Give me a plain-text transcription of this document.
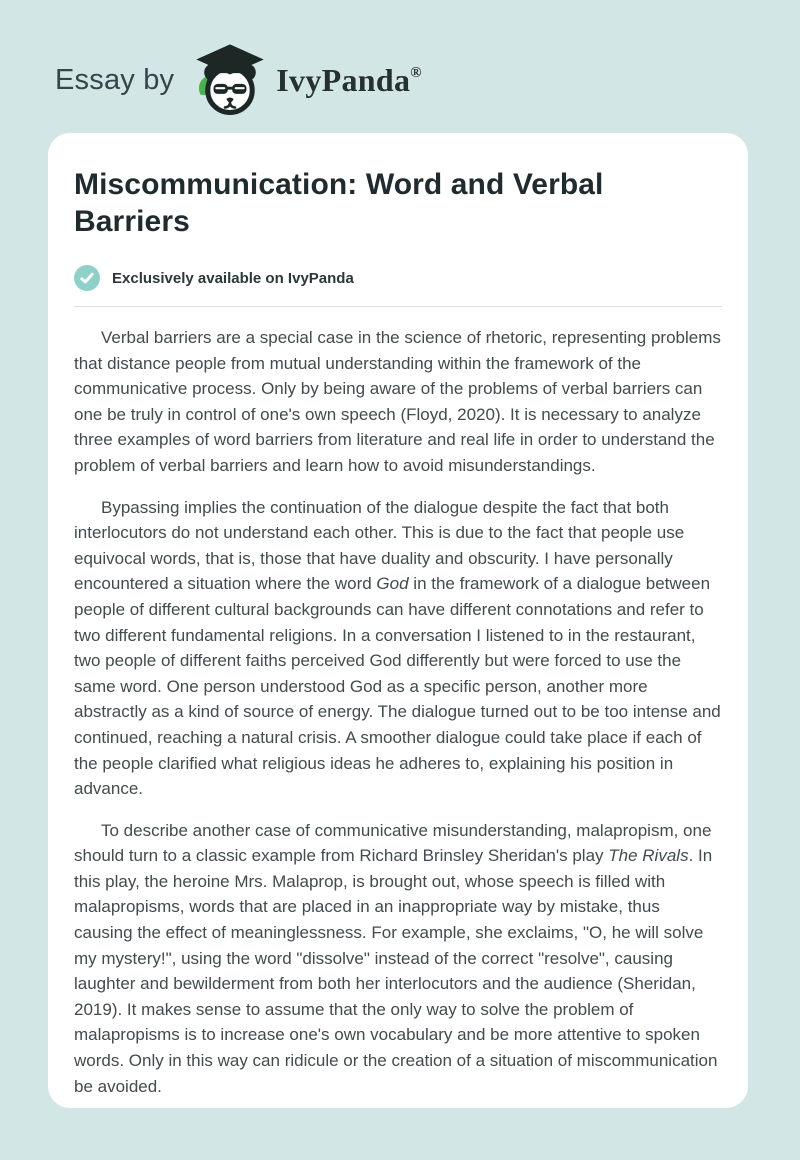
Essay by	IvyPanda®
Miscommunication: Word and Verbal Barriers
Exclusively available on IvyPanda

Verbal barriers are a special case in the science of rhetoric, representing problems that distance people from mutual understanding within the framework of the communicative process. Only by being aware of the problems of verbal barriers can one be truly in control of one's own speech (Floyd, 2020). It is necessary to analyze three examples of word barriers from literature and real life in order to understand the problem of verbal barriers and learn how to avoid misunderstandings.

Bypassing implies the continuation of the dialogue despite the fact that both interlocutors do not understand each other. This is due to the fact that people use equivocal words, that is, those that have duality and obscurity. I have personally encountered a situation where the word God in the framework of a dialogue between people of different cultural backgrounds can have different connotations and refer to two different fundamental religions. In a conversation I listened to in the restaurant, two people of different faiths perceived God differently but were forced to use the same word. One person understood God as a specific person, another more abstractly as a kind of source of energy. The dialogue turned out to be too intense and continued, reaching a natural crisis. A smoother dialogue could take place if each of the people clarified what religious ideas he adheres to, explaining his position in advance.

To describe another case of communicative misunderstanding, malapropism, one should turn to a classic example from Richard Brinsley Sheridan's play The Rivals. In this play, the heroine Mrs. Malaprop, is brought out, whose speech is filled with malapropisms, words that are placed in an inappropriate way by mistake, thus causing the effect of meaninglessness. For example, she exclaims, "O, he will solve my mystery!", using the word "dissolve" instead of the correct "resolve", causing laughter and bewilderment from both her interlocutors and the audience (Sheridan, 2019). It makes sense to assume that the only way to solve the problem of malapropisms is to increase one's own vocabulary and be more attentive to spoken words. Only in this way can ridicule or the creation of a situation of miscommunication be avoided.
